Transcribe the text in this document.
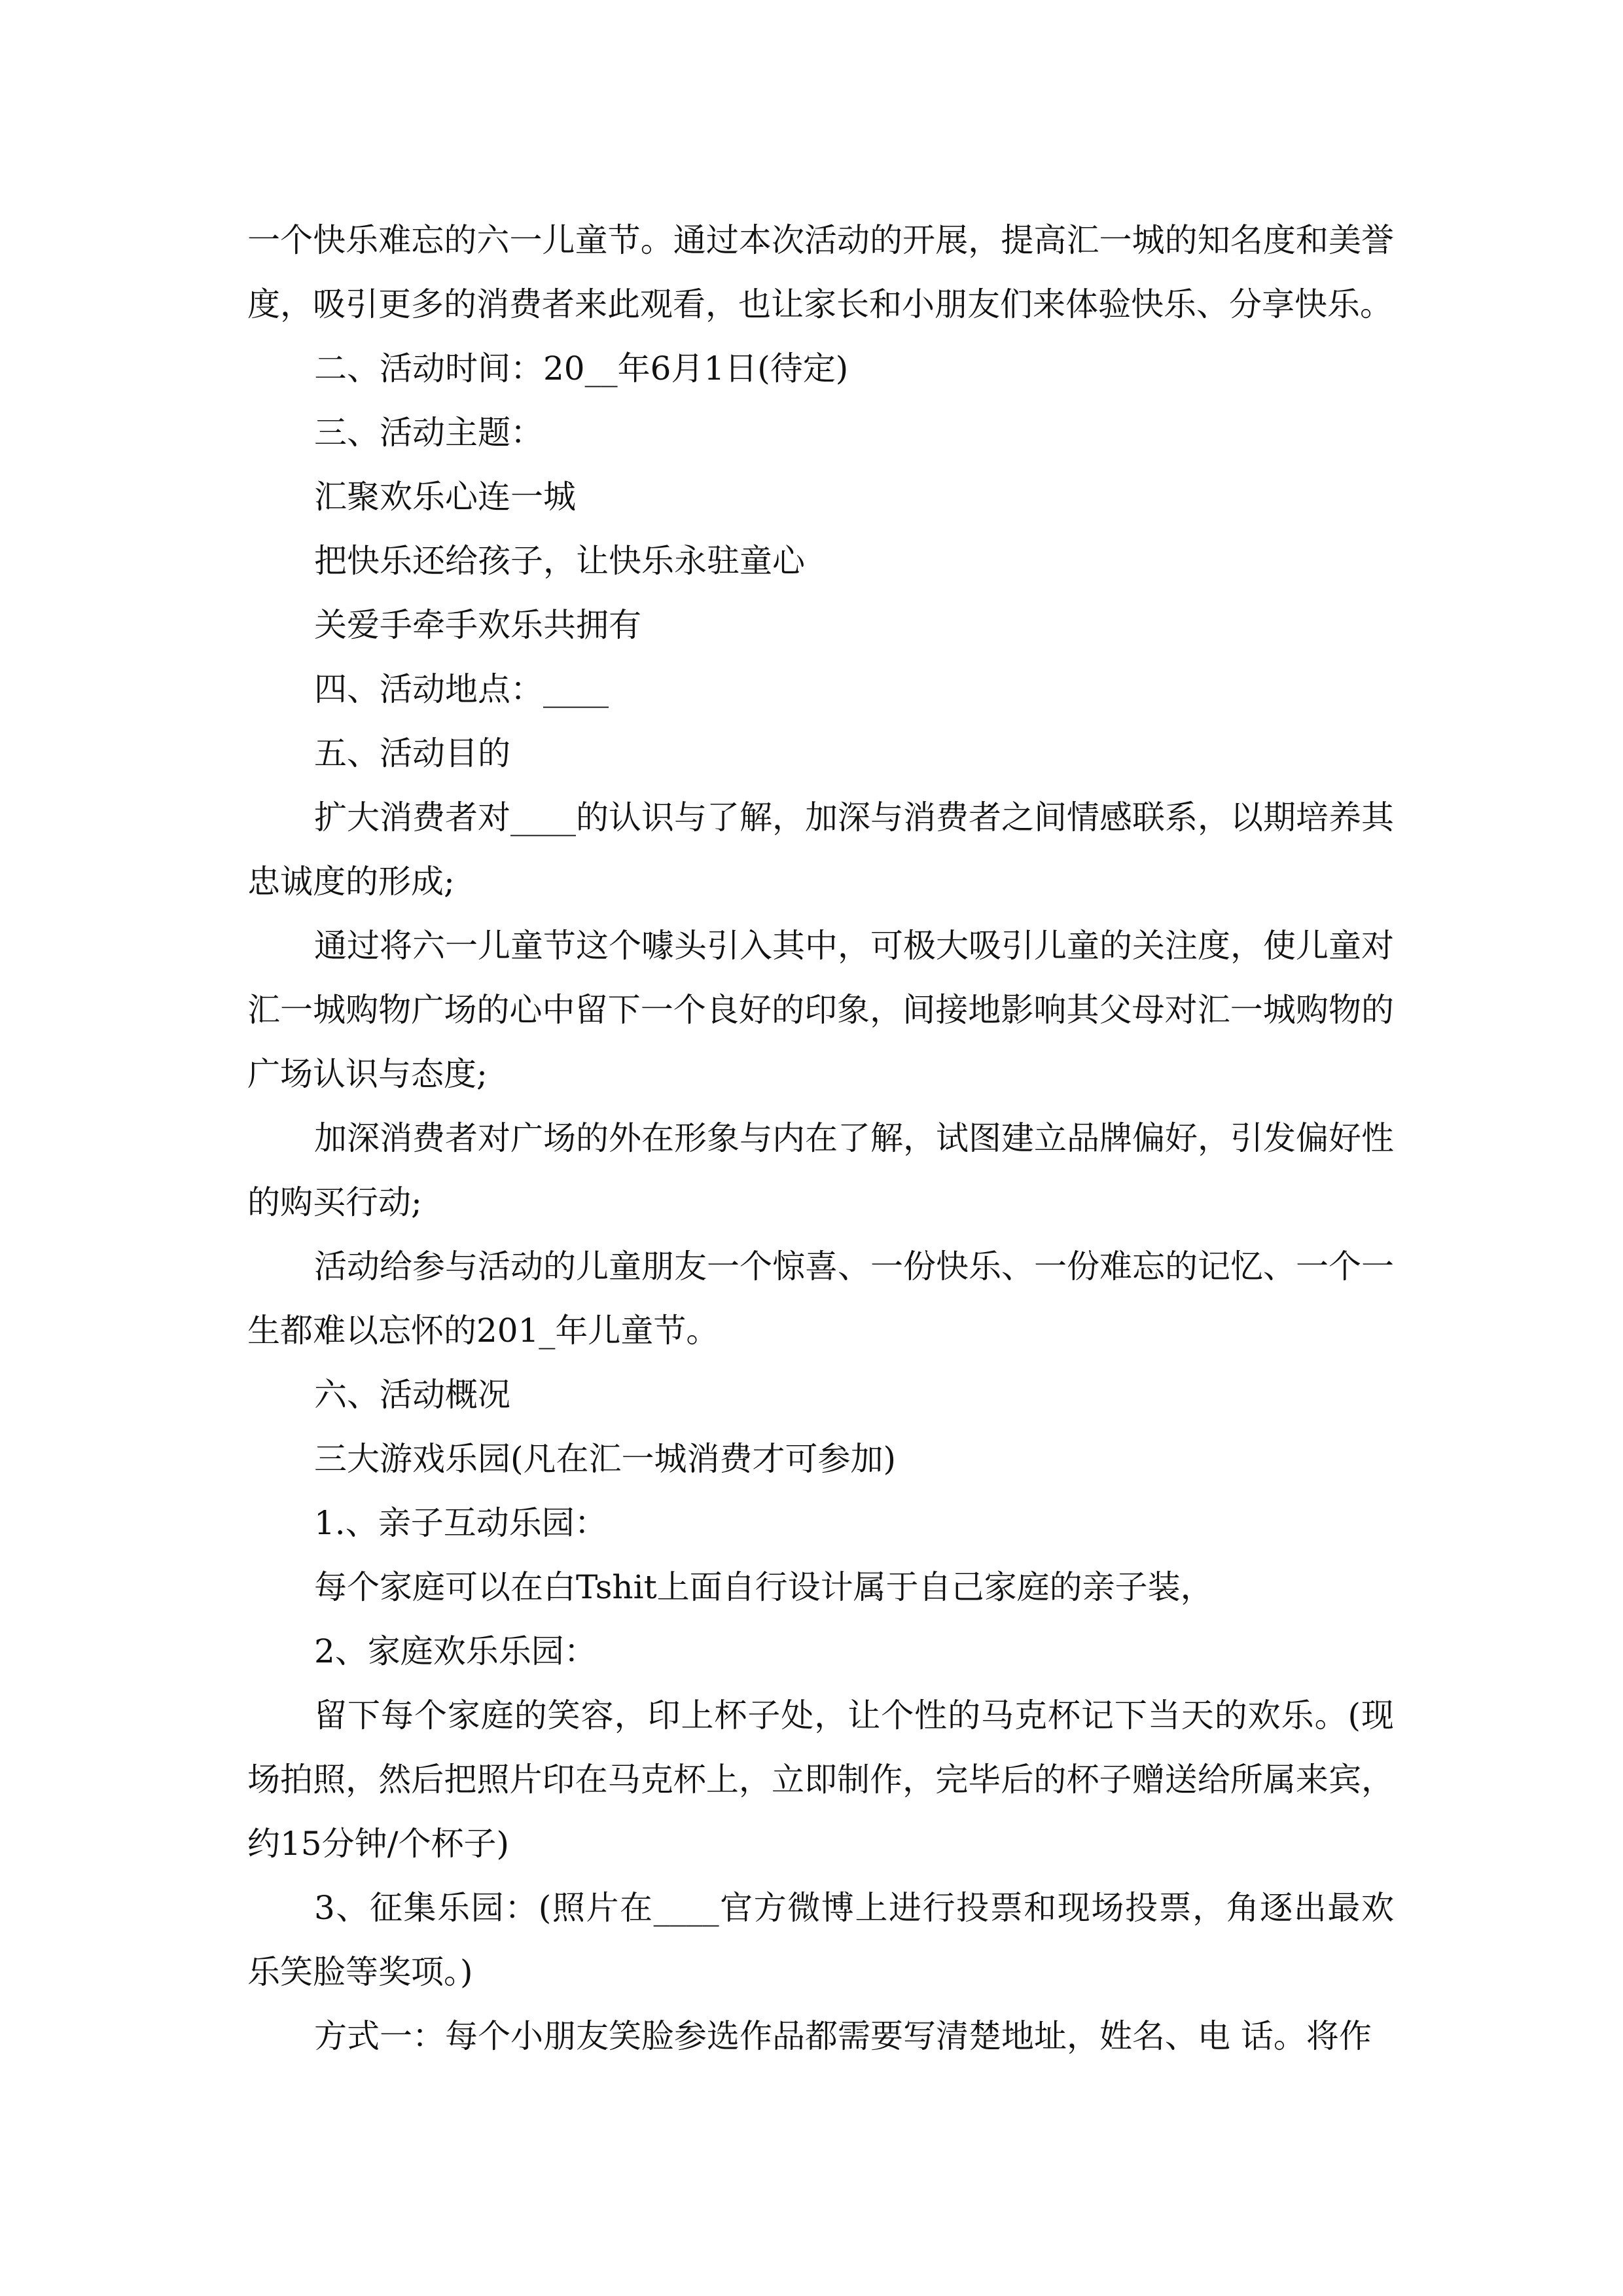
一个快乐难忘的六一儿童节。通过本次活动的开展，提高汇一城的知名度和美誉度，吸引更多的消费者来此观看，也让家长和小朋友们来体验快乐、分享快乐。

二、活动时间：20__年6月1日(待定)

三、活动主题：

汇聚欢乐心连一城

把快乐还给孩子，让快乐永驻童心

关爱手牵手欢乐共拥有

四、活动地点：____

五、活动目的

扩大消费者对____的认识与了解，加深与消费者之间情感联系，以期培养其忠诚度的形成;

通过将六一儿童节这个噱头引入其中，可极大吸引儿童的关注度，使儿童对汇一城购物广场的心中留下一个良好的印象，间接地影响其父母对汇一城购物的广场认识与态度;

加深消费者对广场的外在形象与内在了解，试图建立品牌偏好，引发偏好性的购买行动;

活动给参与活动的儿童朋友一个惊喜、一份快乐、一份难忘的记忆、一个一生都难以忘怀的201_年儿童节。

六、活动概况

三大游戏乐园(凡在汇一城消费才可参加)

1.、亲子互动乐园：

每个家庭可以在白Tshit上面自行设计属于自己家庭的亲子装，

2、家庭欢乐乐园：

留下每个家庭的笑容，印上杯子处，让个性的马克杯记下当天的欢乐。(现场拍照，然后把照片印在马克杯上，立即制作，完毕后的杯子赠送给所属来宾，约15分钟/个杯子)

3、征集乐园：(照片在____官方微博上进行投票和现场投票，角逐出最欢乐笑脸等奖项。)

方式一：每个小朋友笑脸参选作品都需要写清楚地址，姓名、电 话。将作
